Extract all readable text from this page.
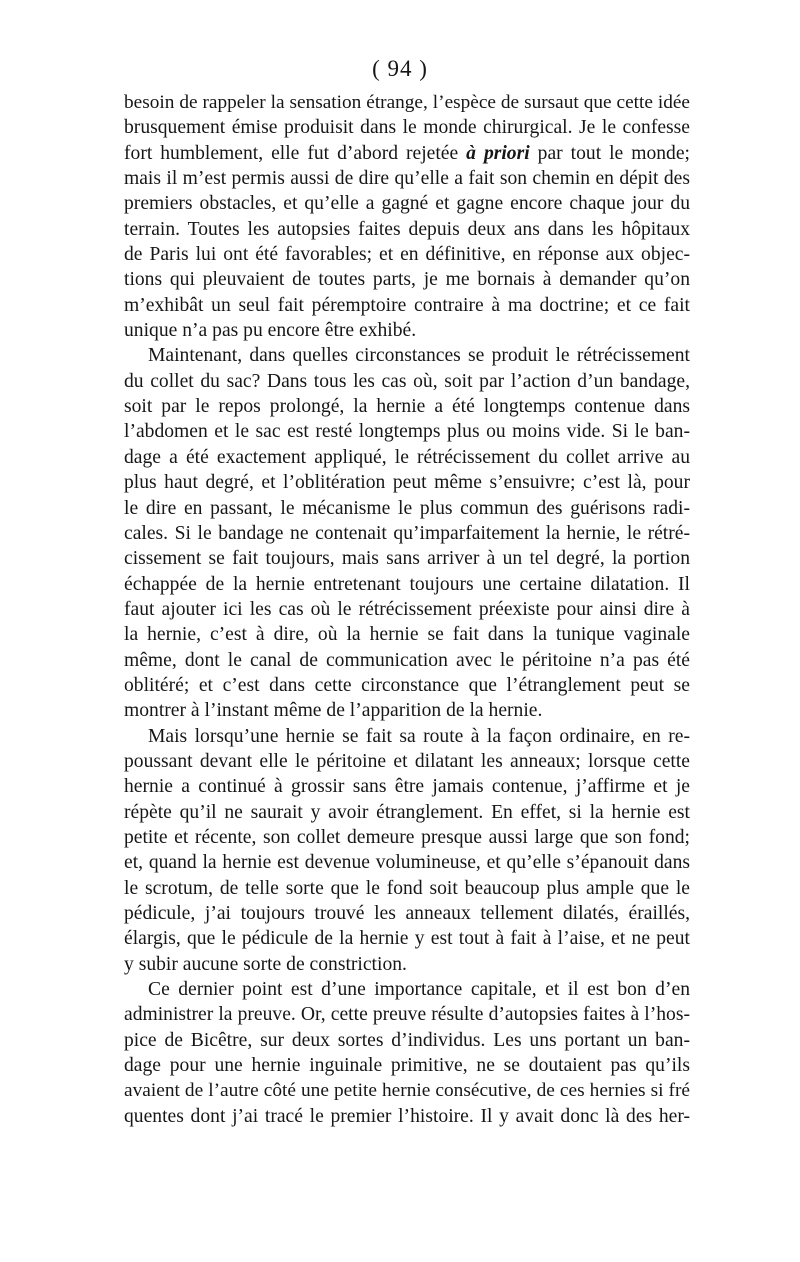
( 94 )

besoin de rappeler la sensation étrange, l’espèce de sursaut que cette idée
brusquement émise produisit dans le monde chirurgical. Je le confesse
fort humblement, elle fut d’abord rejetée à priori par tout le monde;
mais il m’est permis aussi de dire qu’elle a fait son chemin en dépit des
premiers obstacles, et qu’elle a gagné et gagne encore chaque jour du
terrain. Toutes les autopsies faites depuis deux ans dans les hôpitaux
de Paris lui ont été favorables; et en définitive, en réponse aux objec-
tions qui pleuvaient de toutes parts, je me bornais à demander qu’on
m’exhibât un seul fait péremptoire contraire à ma doctrine; et ce fait
unique n’a pas pu encore être exhibé.

Maintenant, dans quelles circonstances se produit le rétrécissement
du collet du sac? Dans tous les cas où, soit par l’action d’un bandage,
soit par le repos prolongé, la hernie a été longtemps contenue dans
l’abdomen et le sac est resté longtemps plus ou moins vide. Si le ban-
dage a été exactement appliqué, le rétrécissement du collet arrive au
plus haut degré, et l’oblitération peut même s’ensuivre; c’est là, pour
le dire en passant, le mécanisme le plus commun des guérisons radi-
cales. Si le bandage ne contenait qu’imparfaitement la hernie, le rétré-
cissement se fait toujours, mais sans arriver à un tel degré, la portion
échappée de la hernie entretenant toujours une certaine dilatation. Il
faut ajouter ici les cas où le rétrécissement préexiste pour ainsi dire à
la hernie, c’est à dire, où la hernie se fait dans la tunique vaginale
même, dont le canal de communication avec le péritoine n’a pas été
oblitéré; et c’est dans cette circonstance que l’étranglement peut se
montrer à l’instant même de l’apparition de la hernie.

Mais lorsqu’une hernie se fait sa route à la façon ordinaire, en re-
poussant devant elle le péritoine et dilatant les anneaux; lorsque cette
hernie a continué à grossir sans être jamais contenue, j’affirme et je
répète qu’il ne saurait y avoir étranglement. En effet, si la hernie est
petite et récente, son collet demeure presque aussi large que son fond;
et, quand la hernie est devenue volumineuse, et qu’elle s’épanouit dans
le scrotum, de telle sorte que le fond soit beaucoup plus ample que le
pédicule, j’ai toujours trouvé les anneaux tellement dilatés, éraillés,
élargis, que le pédicule de la hernie y est tout à fait à l’aise, et ne peut
y subir aucune sorte de constriction.

Ce dernier point est d’une importance capitale, et il est bon d’en
administrer la preuve. Or, cette preuve résulte d’autopsies faites à l’hos-
pice de Bicêtre, sur deux sortes d’individus. Les uns portant un ban-
dage pour une hernie inguinale primitive, ne se doutaient pas qu’ils
avaient de l’autre côté une petite hernie consécutive, de ces hernies si fré
quentes dont j’ai tracé le premier l’histoire. Il y avait donc là des her-
